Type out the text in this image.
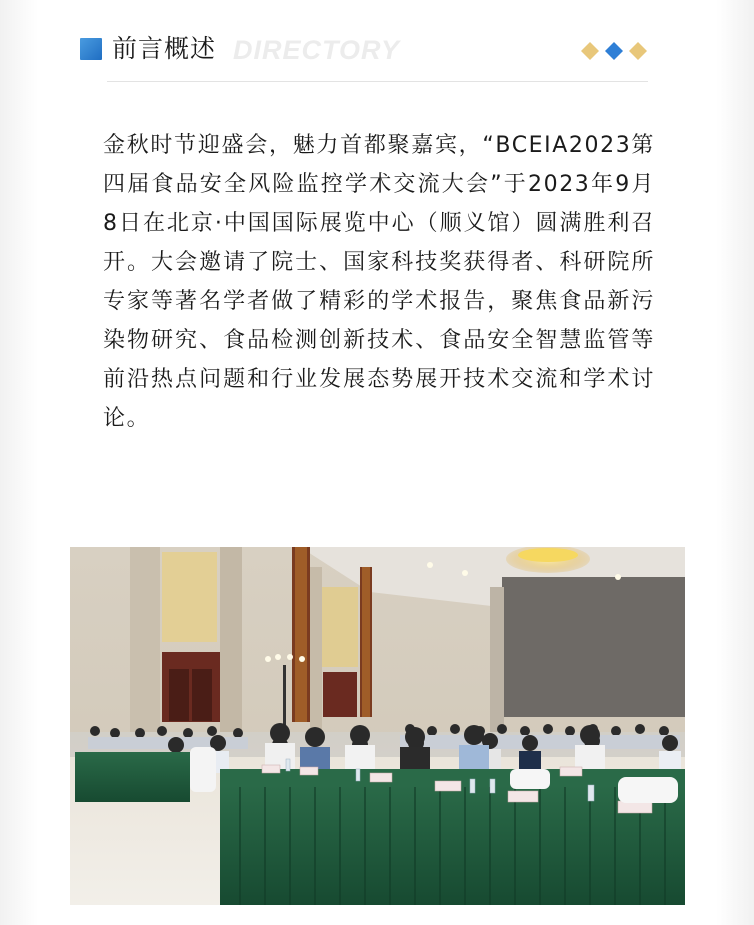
DIRECTORY
前言概述

金秋时节迎盛会，魅力首都聚嘉宾，“BCEIA2023第四届食品安全风险监控学术交流大会”于2023年9月8日在北京·中国国际展览中心（顺义馆）圆满胜利召开。大会邀请了院士、国家科技奖获得者、科研院所专家等著名学者做了精彩的学术报告，聚焦食品新污染物研究、食品检测创新技术、食品安全智慧监管等前沿热点问题和行业发展态势展开技术交流和学术讨论。
